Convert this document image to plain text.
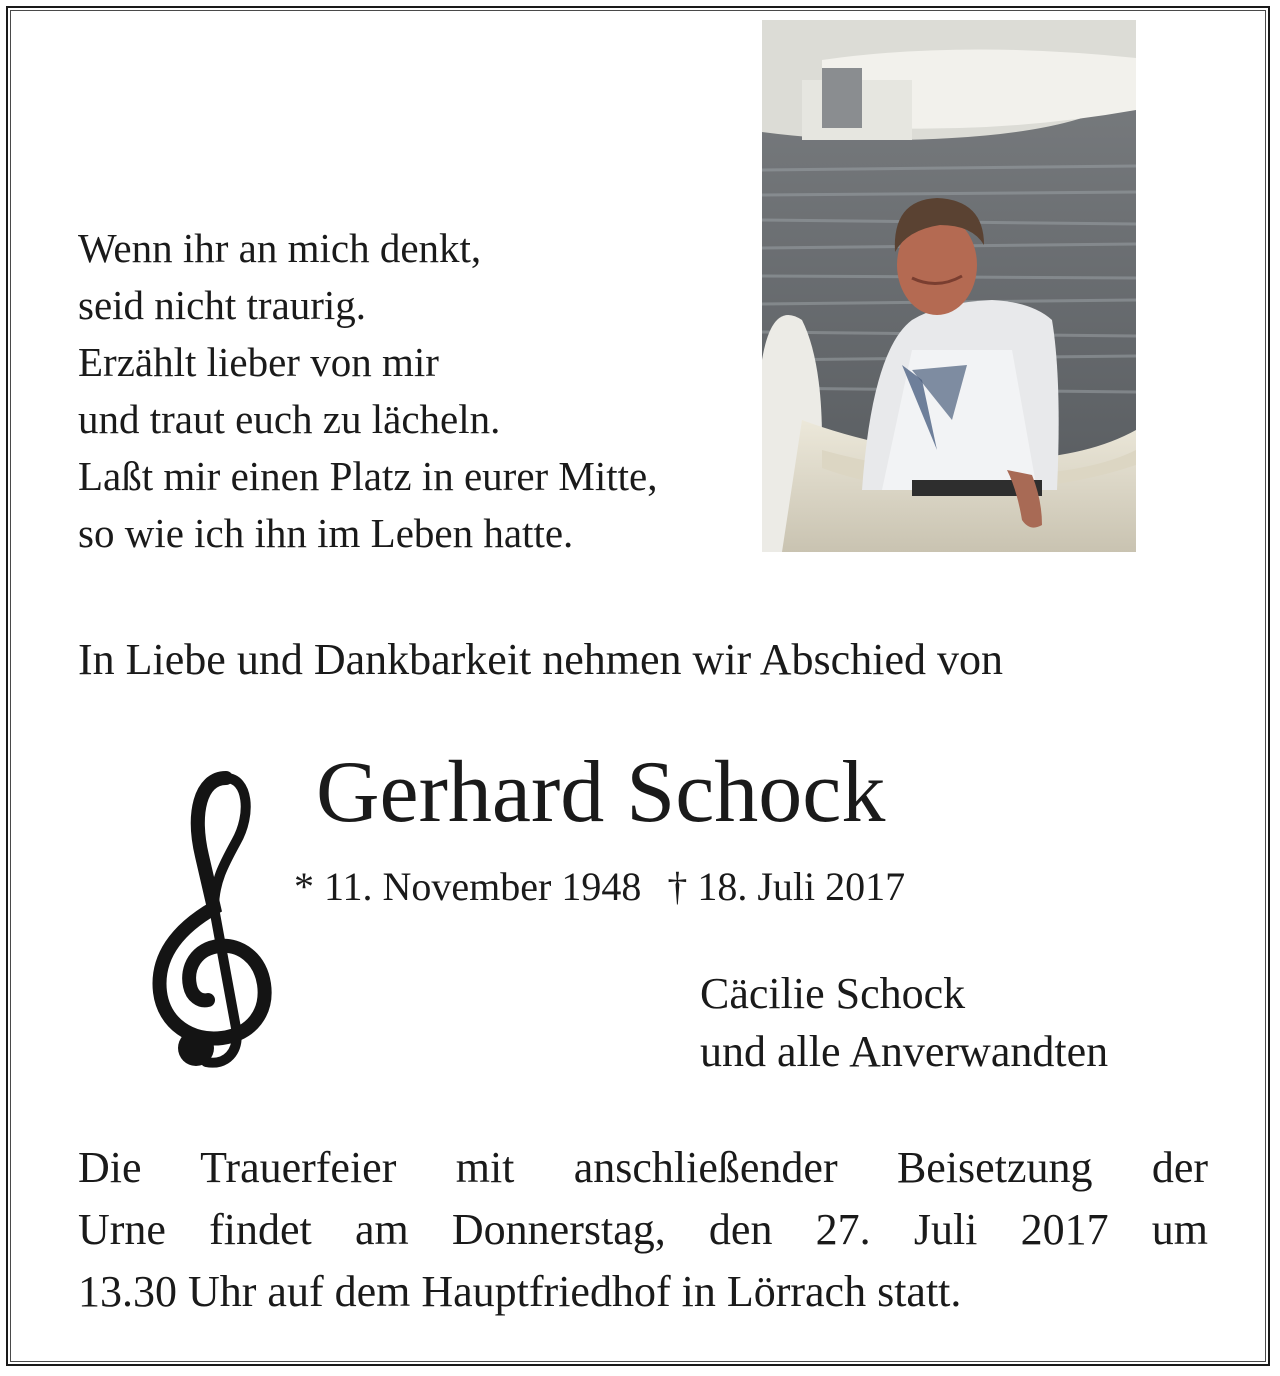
Wenn ihr an mich denkt,
seid nicht traurig.
Erzählt lieber von mir
und traut euch zu lächeln.
Laßt mir einen Platz in eurer Mitte,
so wie ich ihn im Leben hatte.
In Liebe und Dankbarkeit nehmen wir Abschied von
Gerhard Schock
* 11. November 1948 † 18. Juli 2017
Cäcilie Schock
und alle Anverwandten
Die Trauerfeier mit anschließender Beisetzung der
Urne findet am Donnerstag, den 27. Juli 2017 um
13.30 Uhr auf dem Hauptfriedhof in Lörrach statt.
